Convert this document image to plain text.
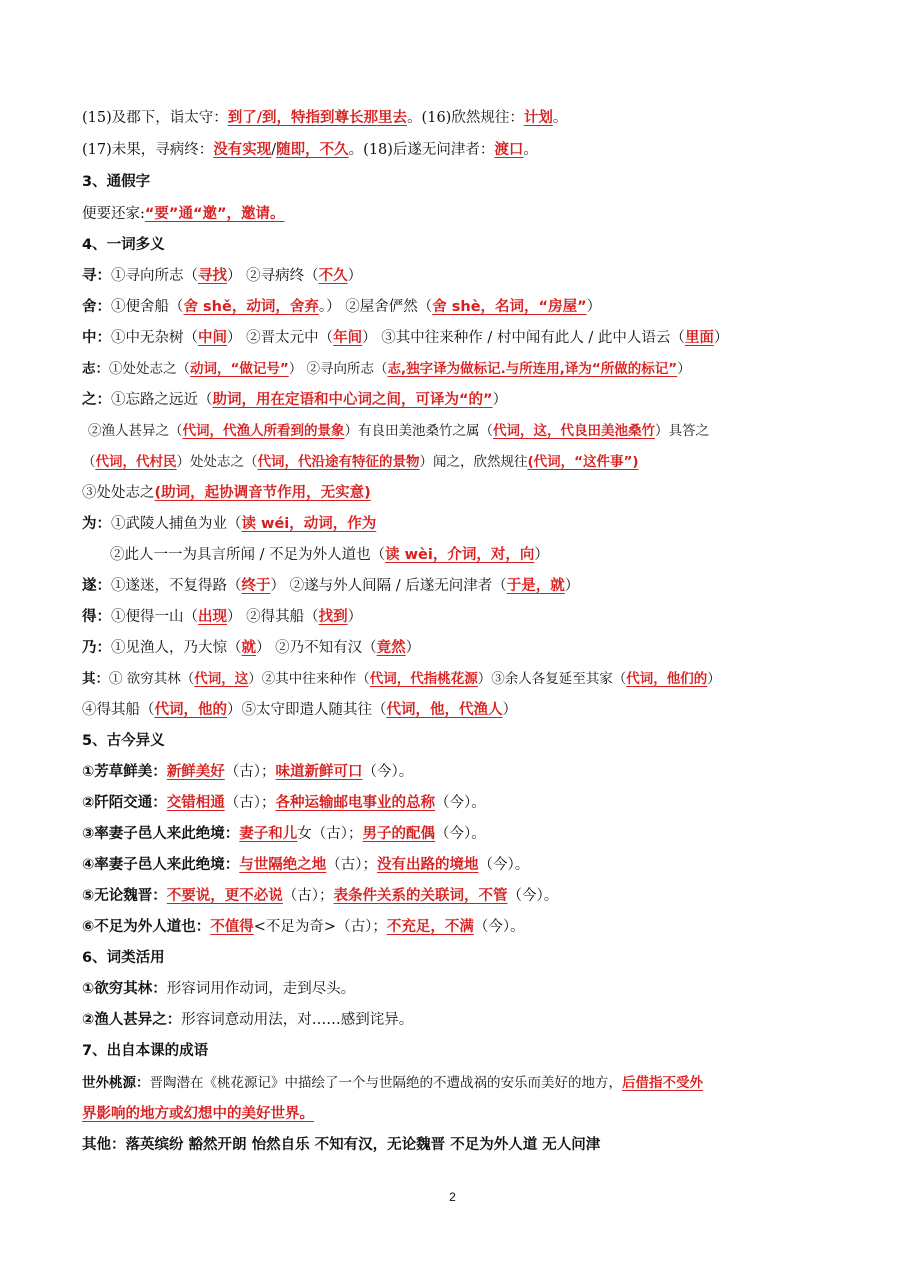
(15)及郡下，诣太守：到了/到，特指到尊长那里去。(16)欣然规往：计划。
(17)未果，寻病终：没有实现/随即，不久。(18)后遂无问津者：渡口。
3、通假字
便要还家:“要”通“邀”，邀请。
4、一词多义
寻：①寻向所志（寻找） ②寻病终（不久）
舍：①便舍船（舍 shě，动词，舍弃。） ②屋舍俨然（舍 shè，名词，“房屋”）
中：①中无杂树（中间） ②晋太元中（年间） ③其中往来种作 / 村中闻有此人 / 此中人语云（里面）
志：①处处志之（动词，“做记号”） ②寻向所志（志,独字译为做标记.与所连用,译为“所做的标记”）
之：①忘路之远近（助词，用在定语和中心词之间，可译为“的”）
②渔人甚异之（代词，代渔人所看到的景象）有良田美池桑竹之属（代词，这，代良田美池桑竹）具答之
（代词，代村民）处处志之（代词，代沿途有特征的景物）闻之，欣然规往(代词，“这件事”)
③处处志之(助词，起协调音节作用，无实意)
为：①武陵人捕鱼为业（读 wéi，动词，作为
②此人一一为具言所闻 / 不足为外人道也（读 wèi，介词，对，向）
遂：①遂迷，不复得路（终于） ②遂与外人间隔 / 后遂无问津者（于是，就）
得：①便得一山（出现） ②得其船（找到）
乃：①见渔人，乃大惊（就） ②乃不知有汉（竟然）
其：① 欲穷其林（代词，这）②其中往来种作（代词，代指桃花源）③余人各复延至其家（代词，他们的）
④得其船（代词，他的）⑤太守即遣人随其往（代词，他，代渔人）
5、古今异义
①芳草鲜美：新鲜美好（古）；味道新鲜可口（今）。
②阡陌交通：交错相通（古）；各种运输邮电事业的总称（今）。
③率妻子邑人来此绝境：妻子和儿女（古）；男子的配偶（今）。
④率妻子邑人来此绝境：与世隔绝之地（古）；没有出路的境地（今）。
⑤无论魏晋：不要说，更不必说（古）；表条件关系的关联词，不管（今）。
⑥不足为外人道也：不值得<不足为奇>（古）；不充足，不满（今）。
6、词类活用
①欲穷其林：形容词用作动词，走到尽头。
②渔人甚异之：形容词意动用法，对……感到诧异。
7、出自本课的成语
世外桃源：晋陶潜在《桃花源记》中描绘了一个与世隔绝的不遭战祸的安乐而美好的地方，后借指不受外
界影响的地方或幻想中的美好世界。
其他：落英缤纷 豁然开朗 怡然自乐 不知有汉，无论魏晋 不足为外人道 无人问津
2
